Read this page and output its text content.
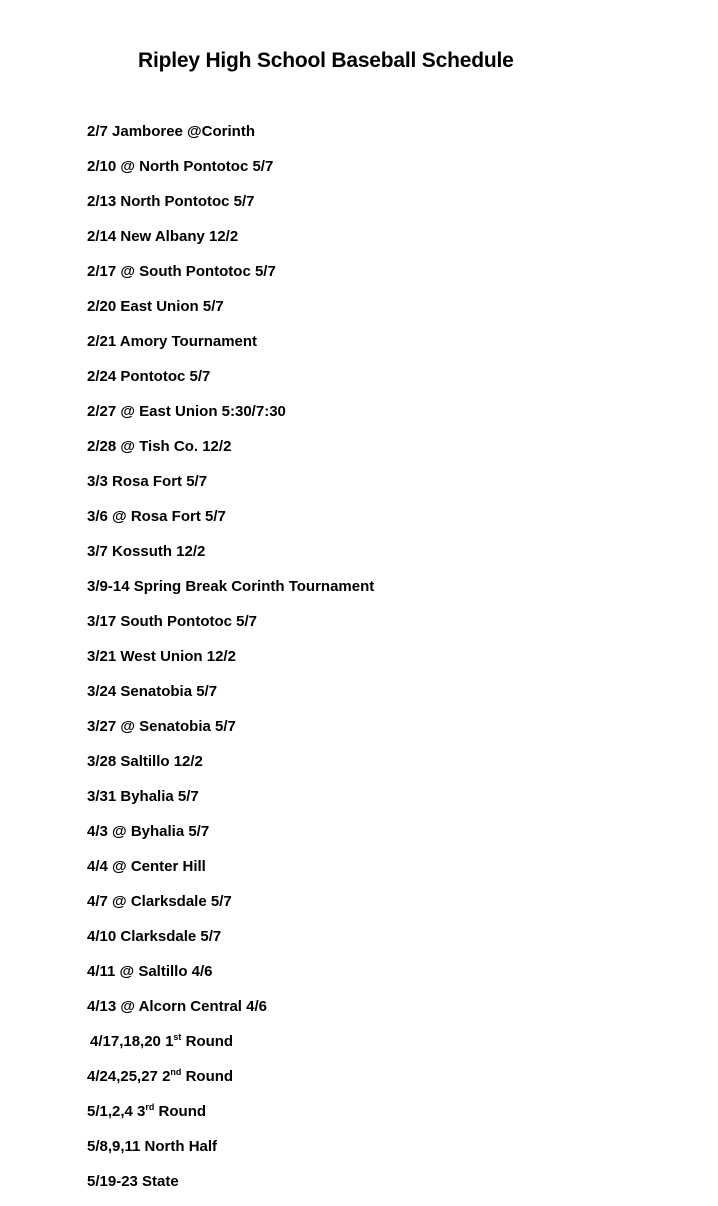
Ripley High School Baseball Schedule
2/7 Jamboree @Corinth
2/10 @ North Pontotoc 5/7
2/13 North Pontotoc 5/7
2/14 New Albany 12/2
2/17 @ South Pontotoc 5/7
2/20 East Union 5/7
2/21 Amory Tournament
2/24 Pontotoc 5/7
2/27 @ East Union 5:30/7:30
2/28 @ Tish Co. 12/2
3/3 Rosa Fort 5/7
3/6 @ Rosa Fort 5/7
3/7 Kossuth 12/2
3/9-14 Spring Break Corinth Tournament
3/17 South Pontotoc 5/7
3/21 West Union 12/2
3/24 Senatobia 5/7
3/27 @ Senatobia 5/7
3/28 Saltillo 12/2
3/31 Byhalia 5/7
4/3 @ Byhalia 5/7
4/4 @ Center Hill
4/7 @ Clarksdale 5/7
4/10 Clarksdale 5/7
4/11 @ Saltillo 4/6
4/13 @ Alcorn Central 4/6
4/17,18,20 1st Round
4/24,25,27 2nd Round
5/1,2,4 3rd Round
5/8,9,11 North Half
5/19-23 State
